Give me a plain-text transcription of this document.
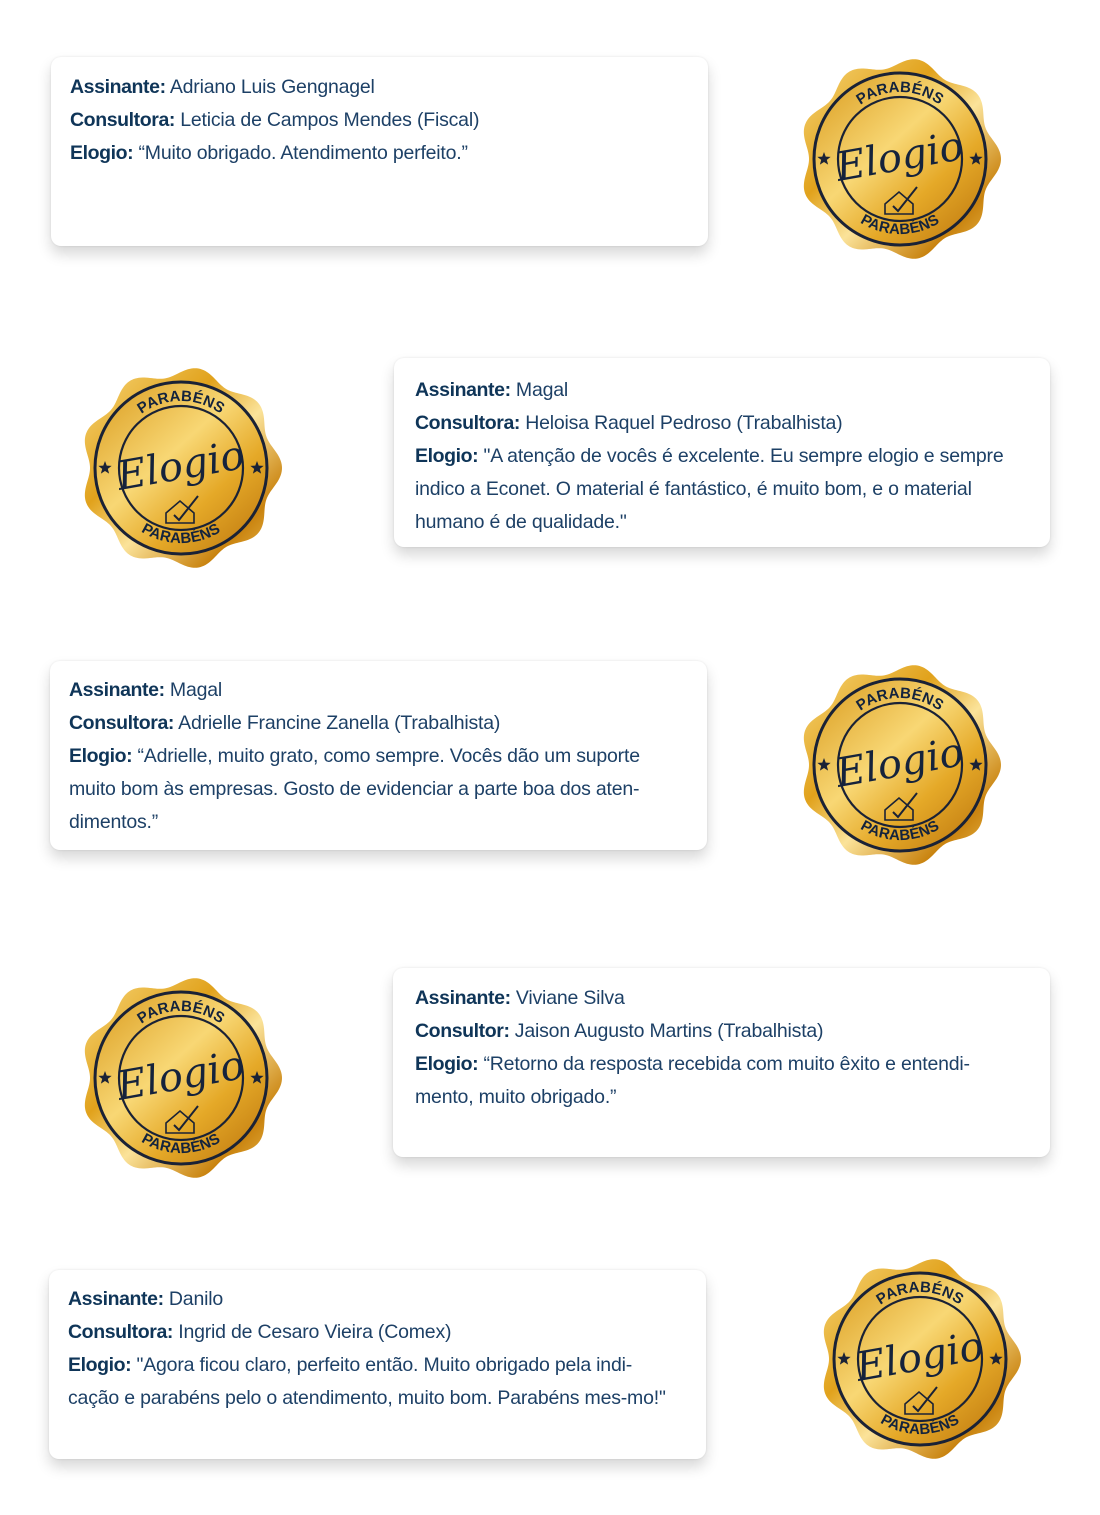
Assinante: Adriano Luis Gengnagel
Consultora: Leticia de Campos Mendes (Fiscal)
Elogio: “Muito obrigado. Atendimento perfeito.”
PARABÉNS
PARABÉNS
Elogio
PARABÉNS
PARABÉNS
Elogio
Assinante: Magal
Consultora: Heloisa Raquel Pedroso (Trabalhista)
Elogio: "A atenção de vocês é excelente. Eu sempre elogio e sempre indico a Econet. O material é fantástico, é muito bom, e o material humano é de qualidade."
Assinante: Magal
Consultora: Adrielle Francine Zanella (Trabalhista)
Elogio: “Adrielle, muito grato, como sempre. Vocês dão um suporte muito bom às empresas. Gosto de evidenciar a parte boa dos aten-dimentos.”
PARABÉNS
PARABÉNS
Elogio
PARABÉNS
PARABÉNS
Elogio
Assinante: Viviane Silva
Consultor: Jaison Augusto Martins (Trabalhista)
Elogio: “Retorno da resposta recebida com muito êxito e entendi-mento, muito obrigado.”
Assinante: Danilo
Consultora: Ingrid de Cesaro Vieira (Comex)
Elogio: "Agora ficou claro, perfeito então. Muito obrigado pela indi-cação e parabéns pelo o atendimento, muito bom. Parabéns mes-mo!"
PARABÉNS
PARABÉNS
Elogio
